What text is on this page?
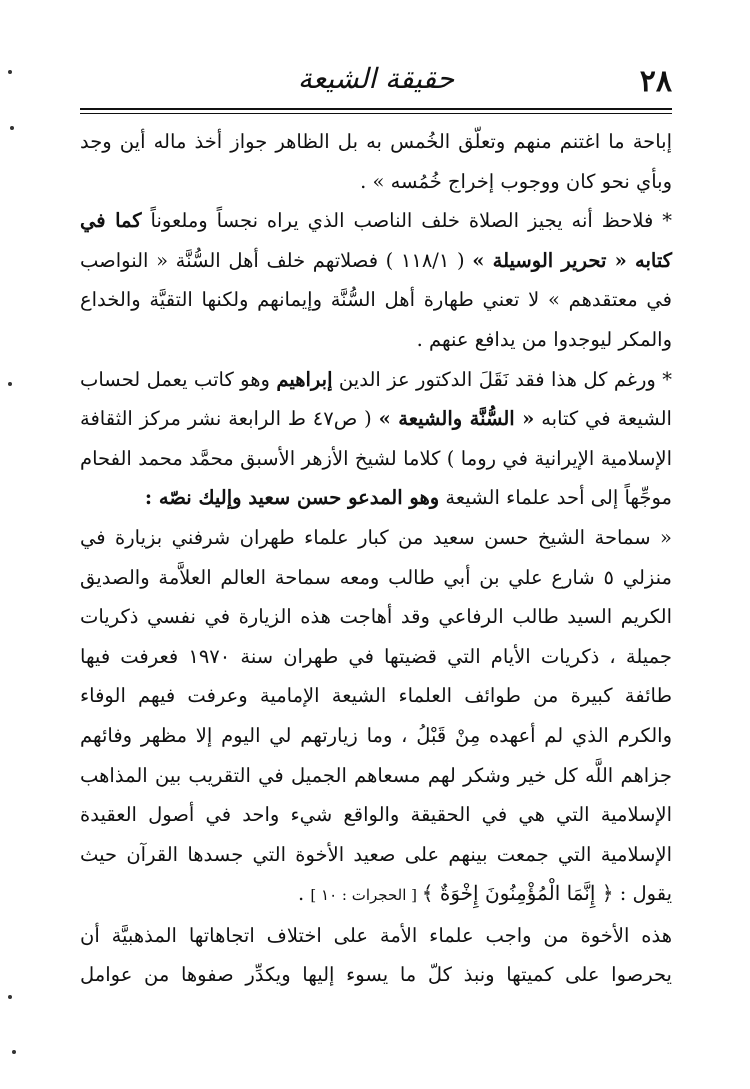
٢٨
حقيقة الشيعة

إباحة ما اغتنم منهم وتعلّق الخُمس به بل الظاهر جواز أخذ ماله أين وجد وبأي نحو كان ووجوب إخراج خُمُسه » .

* فلاحظ أنه يجيز الصلاة خلف الناصب الذي يراه نجساً وملعوناً كما في كتابه « تحرير الوسيلة » ( ١١٨/١ ) فصلاتهم خلف أهل السُّنَّة « النواصب في معتقدهم » لا تعني طهارة أهل السُّنَّة وإيمانهم ولكنها التقيَّة والخداع والمكر ليوجدوا من يدافع عنهم .

* ورغم كل هذا فقد نَقَلَ الدكتور عز الدين إبراهيم وهو كاتب يعمل لحساب الشيعة في كتابه « السُّنَّة والشيعة » ( ص٤٧ ط الرابعة نشر مركز الثقافة الإسلامية الإيرانية في روما ) كلاما لشيخ الأزهر الأسبق محمَّد محمد الفحام موجِّهاً إلى أحد علماء الشيعة وهو المدعو حسن سعيد وإليك نصّه :

« سماحة الشيخ حسن سعيد من كبار علماء طهران شرفني بزيارة في منزلي ٥ شارع علي بن أبي طالب ومعه سماحة العالم العلاَّمة والصديق الكريم السيد طالب الرفاعي وقد أهاجت هذه الزيارة في نفسي ذكريات جميلة ، ذكريات الأيام التي قضيتها في طهران سنة ١٩٧٠ فعرفت فيها طائفة كبيرة من طوائف العلماء الشيعة الإمامية وعرفت فيهم الوفاء والكرم الذي لم أعهده مِنْ قَبْلُ ، وما زيارتهم لي اليوم إلا مظهر وفائهم جزاهم اللَّه كل خير وشكر لهم مسعاهم الجميل في التقريب بين المذاهب الإسلامية التي هي في الحقيقة والواقع شيء واحد في أصول العقيدة الإسلامية التي جمعت بينهم على صعيد الأخوة التي جسدها القرآن حيث يقول : ﴿ إِنَّمَا الْمُؤْمِنُونَ إِخْوَةٌ ﴾ [ الحجرات : ١٠ ] .

هذه الأخوة من واجب علماء الأمة على اختلاف اتجاهاتها المذهبيَّة أن يحرصوا على كميتها ونبذ كلّ ما يسوء إليها ويكدِّر صفوها من عوامل
